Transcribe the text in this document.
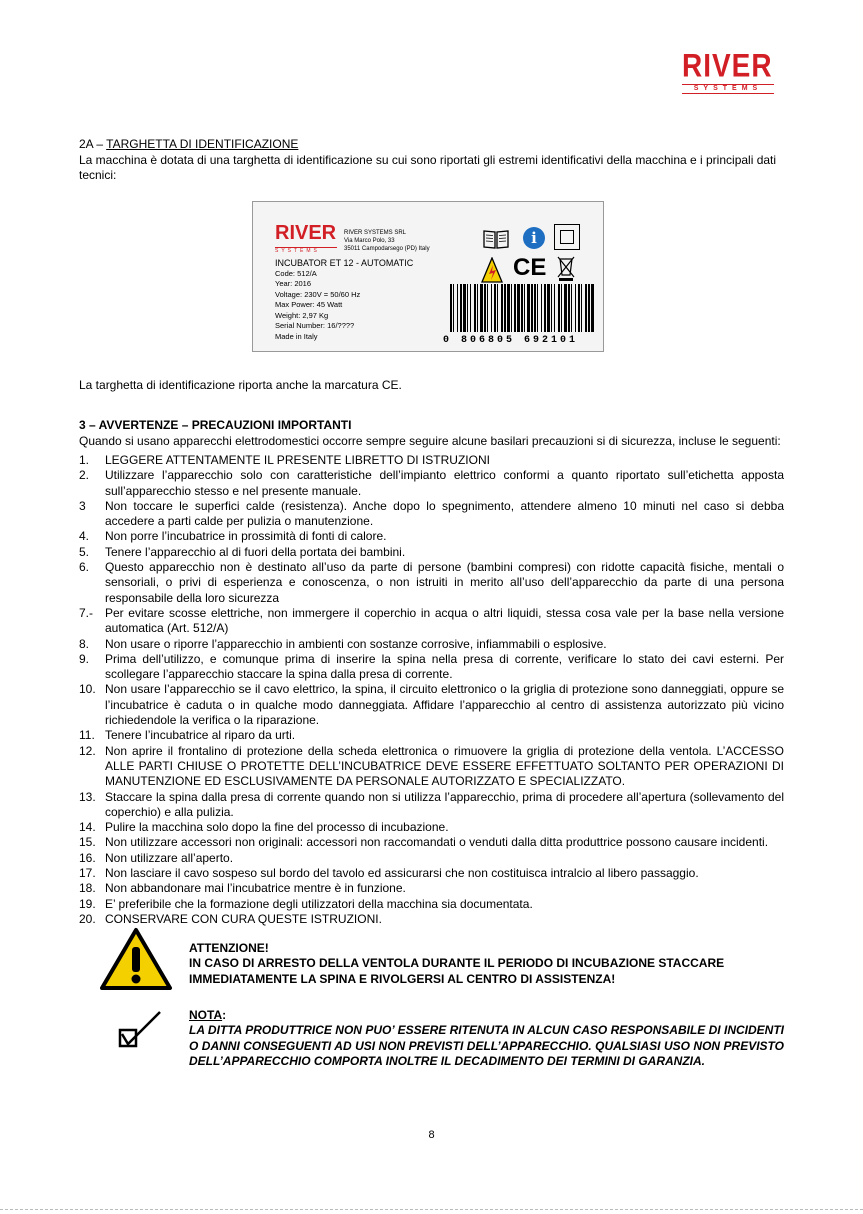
RIVER
SYSTEMS
2A – TARGHETTA DI IDENTIFICAZIONE
La macchina è dotata di una targhetta di identificazione su cui sono riportati gli estremi identificativi della macchina e i principali dati tecnici:
RIVER
SYSTEMS
RIVER SYSTEMS SRL
Via Marco Polo, 33
35011 Campodarsego (PD) Italy
INCUBATOR ET 12 - AUTOMATIC
Code: 512/A
Year: 2016
Voltage: 230V = 50/60 Hz
Max Power: 45 Watt
Weight: 2,97 Kg
Serial Number: 16/????
Made in Italy
i
CE
0 806805 692101
La targhetta di identificazione riporta anche la marcatura CE.
3 – AVVERTENZE – PRECAUZIONI IMPORTANTI
Quando si usano apparecchi elettrodomestici occorre sempre seguire alcune basilari precauzioni si di sicurezza, incluse le seguenti:
1. LEGGERE ATTENTAMENTE IL PRESENTE LIBRETTO DI ISTRUZIONI
2. Utilizzare l’apparecchio solo con caratteristiche dell’impianto elettrico conformi a quanto riportato sull’etichetta apposta sull’apparecchio stesso e nel presente manuale.
3 Non toccare le superfici calde (resistenza). Anche dopo lo spegnimento, attendere almeno 10 minuti nel caso si debba accedere a parti calde per pulizia o manutenzione.
4. Non porre l’incubatrice in prossimità di fonti di calore.
5. Tenere l’apparecchio al di fuori della portata dei bambini.
6. Questo apparecchio non è destinato all’uso da parte di persone (bambini compresi) con ridotte capacità fisiche, mentali o sensoriali, o privi di esperienza e conoscenza, o non istruiti in merito all’uso dell’apparecchio da parte di una persona responsabile della loro sicurezza
7.- Per evitare scosse elettriche, non immergere il coperchio in acqua o altri liquidi, stessa cosa vale per la base nella versione automatica (Art. 512/A)
8. Non usare o riporre l’apparecchio in ambienti con sostanze corrosive, infiammabili o esplosive.
9. Prima dell’utilizzo, e comunque prima di inserire la spina nella presa di corrente, verificare lo stato dei cavi esterni. Per scollegare l’apparecchio staccare la spina dalla presa di corrente.
10. Non usare l’apparecchio se il cavo elettrico, la spina, il circuito elettronico o la griglia di protezione sono danneggiati, oppure se l’incubatrice è caduta o in qualche modo danneggiata. Affidare l’apparecchio al centro di assistenza autorizzato più vicino richiedendole la verifica o la riparazione.
11. Tenere l’incubatrice al riparo da urti.
12. Non aprire il frontalino di protezione della scheda elettronica o rimuovere la griglia di protezione della ventola. L’ACCESSO ALLE PARTI CHIUSE O PROTETTE DELL’INCUBATRICE DEVE ESSERE EFFETTUATO SOLTANTO PER OPERAZIONI DI MANUTENZIONE ED ESCLUSIVAMENTE DA PERSONALE AUTORIZZATO E SPECIALIZZATO.
13. Staccare la spina dalla presa di corrente quando non si utilizza l’apparecchio, prima di procedere all’apertura (sollevamento del coperchio) e alla pulizia.
14. Pulire la macchina solo dopo la fine del processo di incubazione.
15. Non utilizzare accessori non originali: accessori non raccomandati o venduti dalla ditta produttrice possono causare incidenti.
16. Non utilizzare all’aperto.
17. Non lasciare il cavo sospeso sul bordo del tavolo ed assicurarsi che non costituisca intralcio al libero passaggio.
18. Non abbandonare mai l’incubatrice mentre è in funzione.
19. E’ preferibile che la formazione degli utilizzatori della macchina sia documentata.
20. CONSERVARE CON CURA QUESTE ISTRUZIONI.
ATTENZIONE!
IN CASO DI ARRESTO DELLA VENTOLA DURANTE IL PERIODO DI INCUBAZIONE STACCARE IMMEDIATAMENTE LA SPINA E RIVOLGERSI AL CENTRO DI ASSISTENZA!
NOTA:
LA DITTA PRODUTTRICE NON PUO’ ESSERE RITENUTA IN ALCUN CASO RESPONSABILE DI INCIDENTI O DANNI CONSEGUENTI AD USI NON PREVISTI DELL’APPARECCHIO. QUALSIASI USO NON PREVISTO DELL’APPARECCHIO COMPORTA INOLTRE IL DECADIMENTO DEI TERMINI DI GARANZIA.
8
